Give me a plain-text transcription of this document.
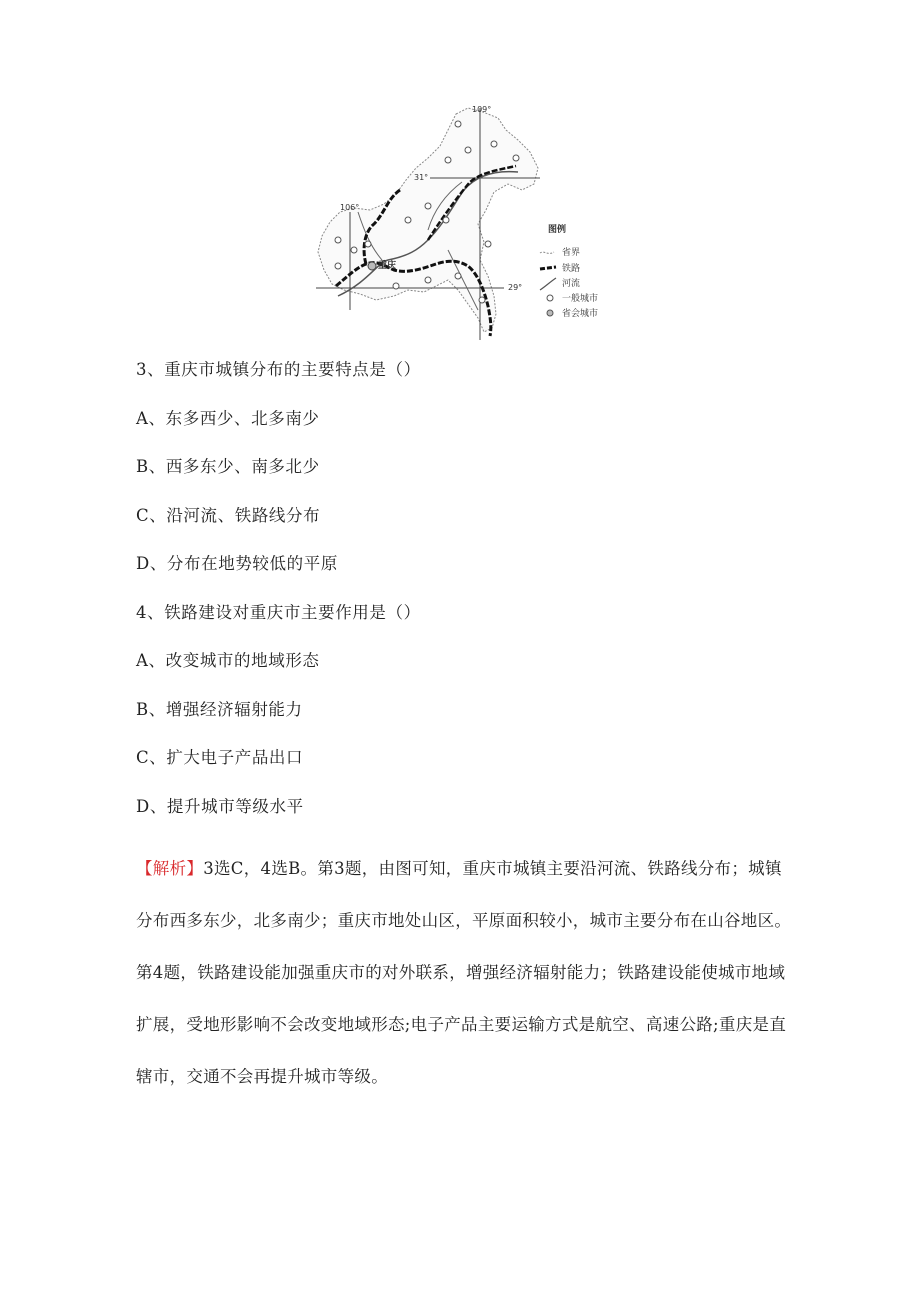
重庆
109°
31°
106°
29°
图例
省界
铁路
河流
一般城市
省会城市
3、重庆市城镇分布的主要特点是（）
A、东多西少、北多南少
B、西多东少、南多北少
C、沿河流、铁路线分布
D、分布在地势较低的平原
4、铁路建设对重庆市主要作用是（）
A、改变城市的地域形态
B、增强经济辐射能力
C、扩大电子产品出口
D、提升城市等级水平
【解析】3选C，4选B。第3题，由图可知，重庆市城镇主要沿河流、铁路线分布；城镇分布西多东少，北多南少；重庆市地处山区，平原面积较小，城市主要分布在山谷地区。第4题，铁路建设能加强重庆市的对外联系，增强经济辐射能力；铁路建设能使城市地域扩展，受地形影响不会改变地域形态;电子产品主要运输方式是航空、高速公路;重庆是直辖市，交通不会再提升城市等级。
